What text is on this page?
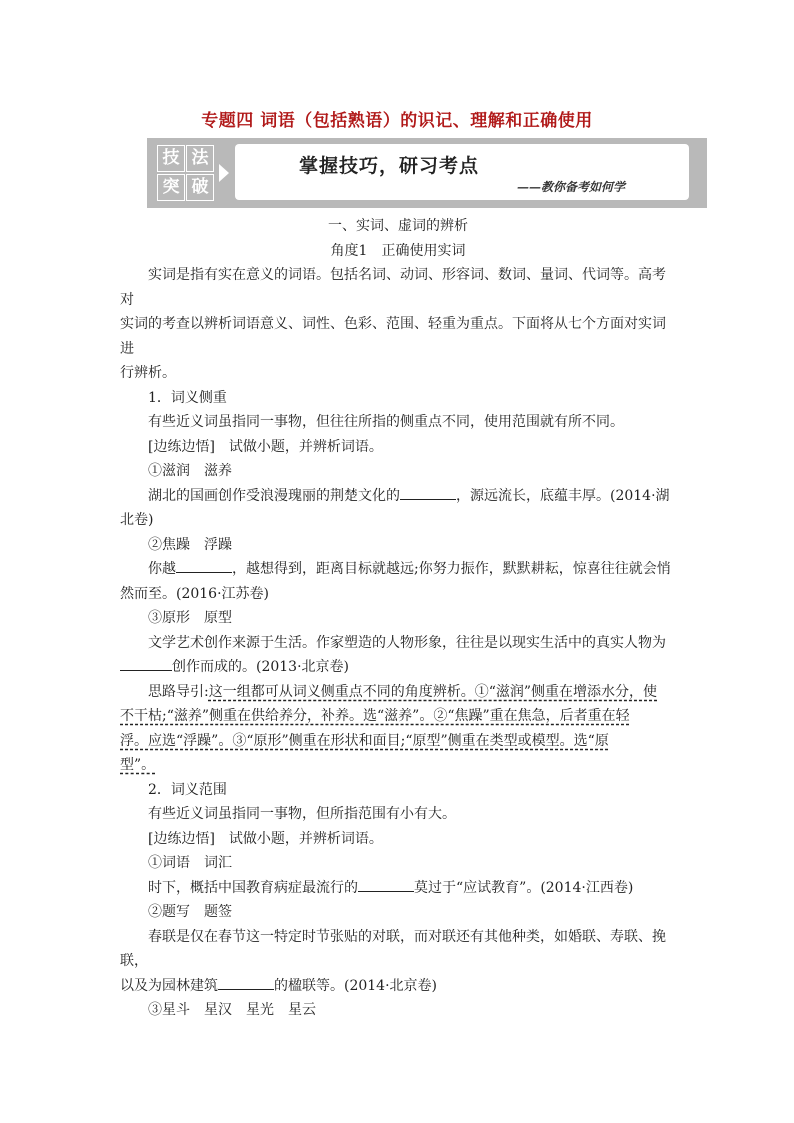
专题四 词语（包括熟语）的识记、理解和正确使用
技 法
突 破
掌握技巧，研习考点
——教你备考如何学

一、实词、虚词的辨析

角度1　正确使用实词

实词是指有实在意义的词语。包括名词、动词、形容词、数词、量词、代词等。高考对

实词的考查以辨析词语意义、词性、色彩、范围、轻重为重点。下面将从七个方面对实词进

行辨析。

1．词义侧重

有些近义词虽指同一事物，但往往所指的侧重点不同，使用范围就有所不同。

[边练边悟]　试做小题，并辨析词语。

①滋润　滋养

湖北的国画创作受浪漫瑰丽的荆楚文化的	，源远流长，底蕴丰厚。(2014·湖

北卷)

②焦躁　浮躁

你越	，越想得到，距离目标就越远;你努力振作，默默耕耘，惊喜往往就会悄

然而至。(2016·江苏卷)

③原形　原型

文学艺术创作来源于生活。作家塑造的人物形象，往往是以现实生活中的真实人物为

创作而成的。(2013·北京卷)

思路导引:这一组都可从词义侧重点不同的角度辨析。①“滋润”侧重在增添水分，使

不干枯;“滋养”侧重在供给养分，补养。选“滋养”。②“焦躁”重在焦急，后者重在轻

浮。应选“浮躁”。③“原形”侧重在形状和面目;“原型”侧重在类型或模型。选“原

型”。

2．词义范围

有些近义词虽指同一事物，但所指范围有小有大。

[边练边悟]　试做小题，并辨析词语。

①词语　词汇

时下，概括中国教育病症最流行的	莫过于“应试教育”。(2014·江西卷)

②题写　题签

春联是仅在春节这一特定时节张贴的对联，而对联还有其他种类，如婚联、寿联、挽联，

以及为园林建筑	的楹联等。(2014·北京卷)

③星斗　星汉　星光　星云
